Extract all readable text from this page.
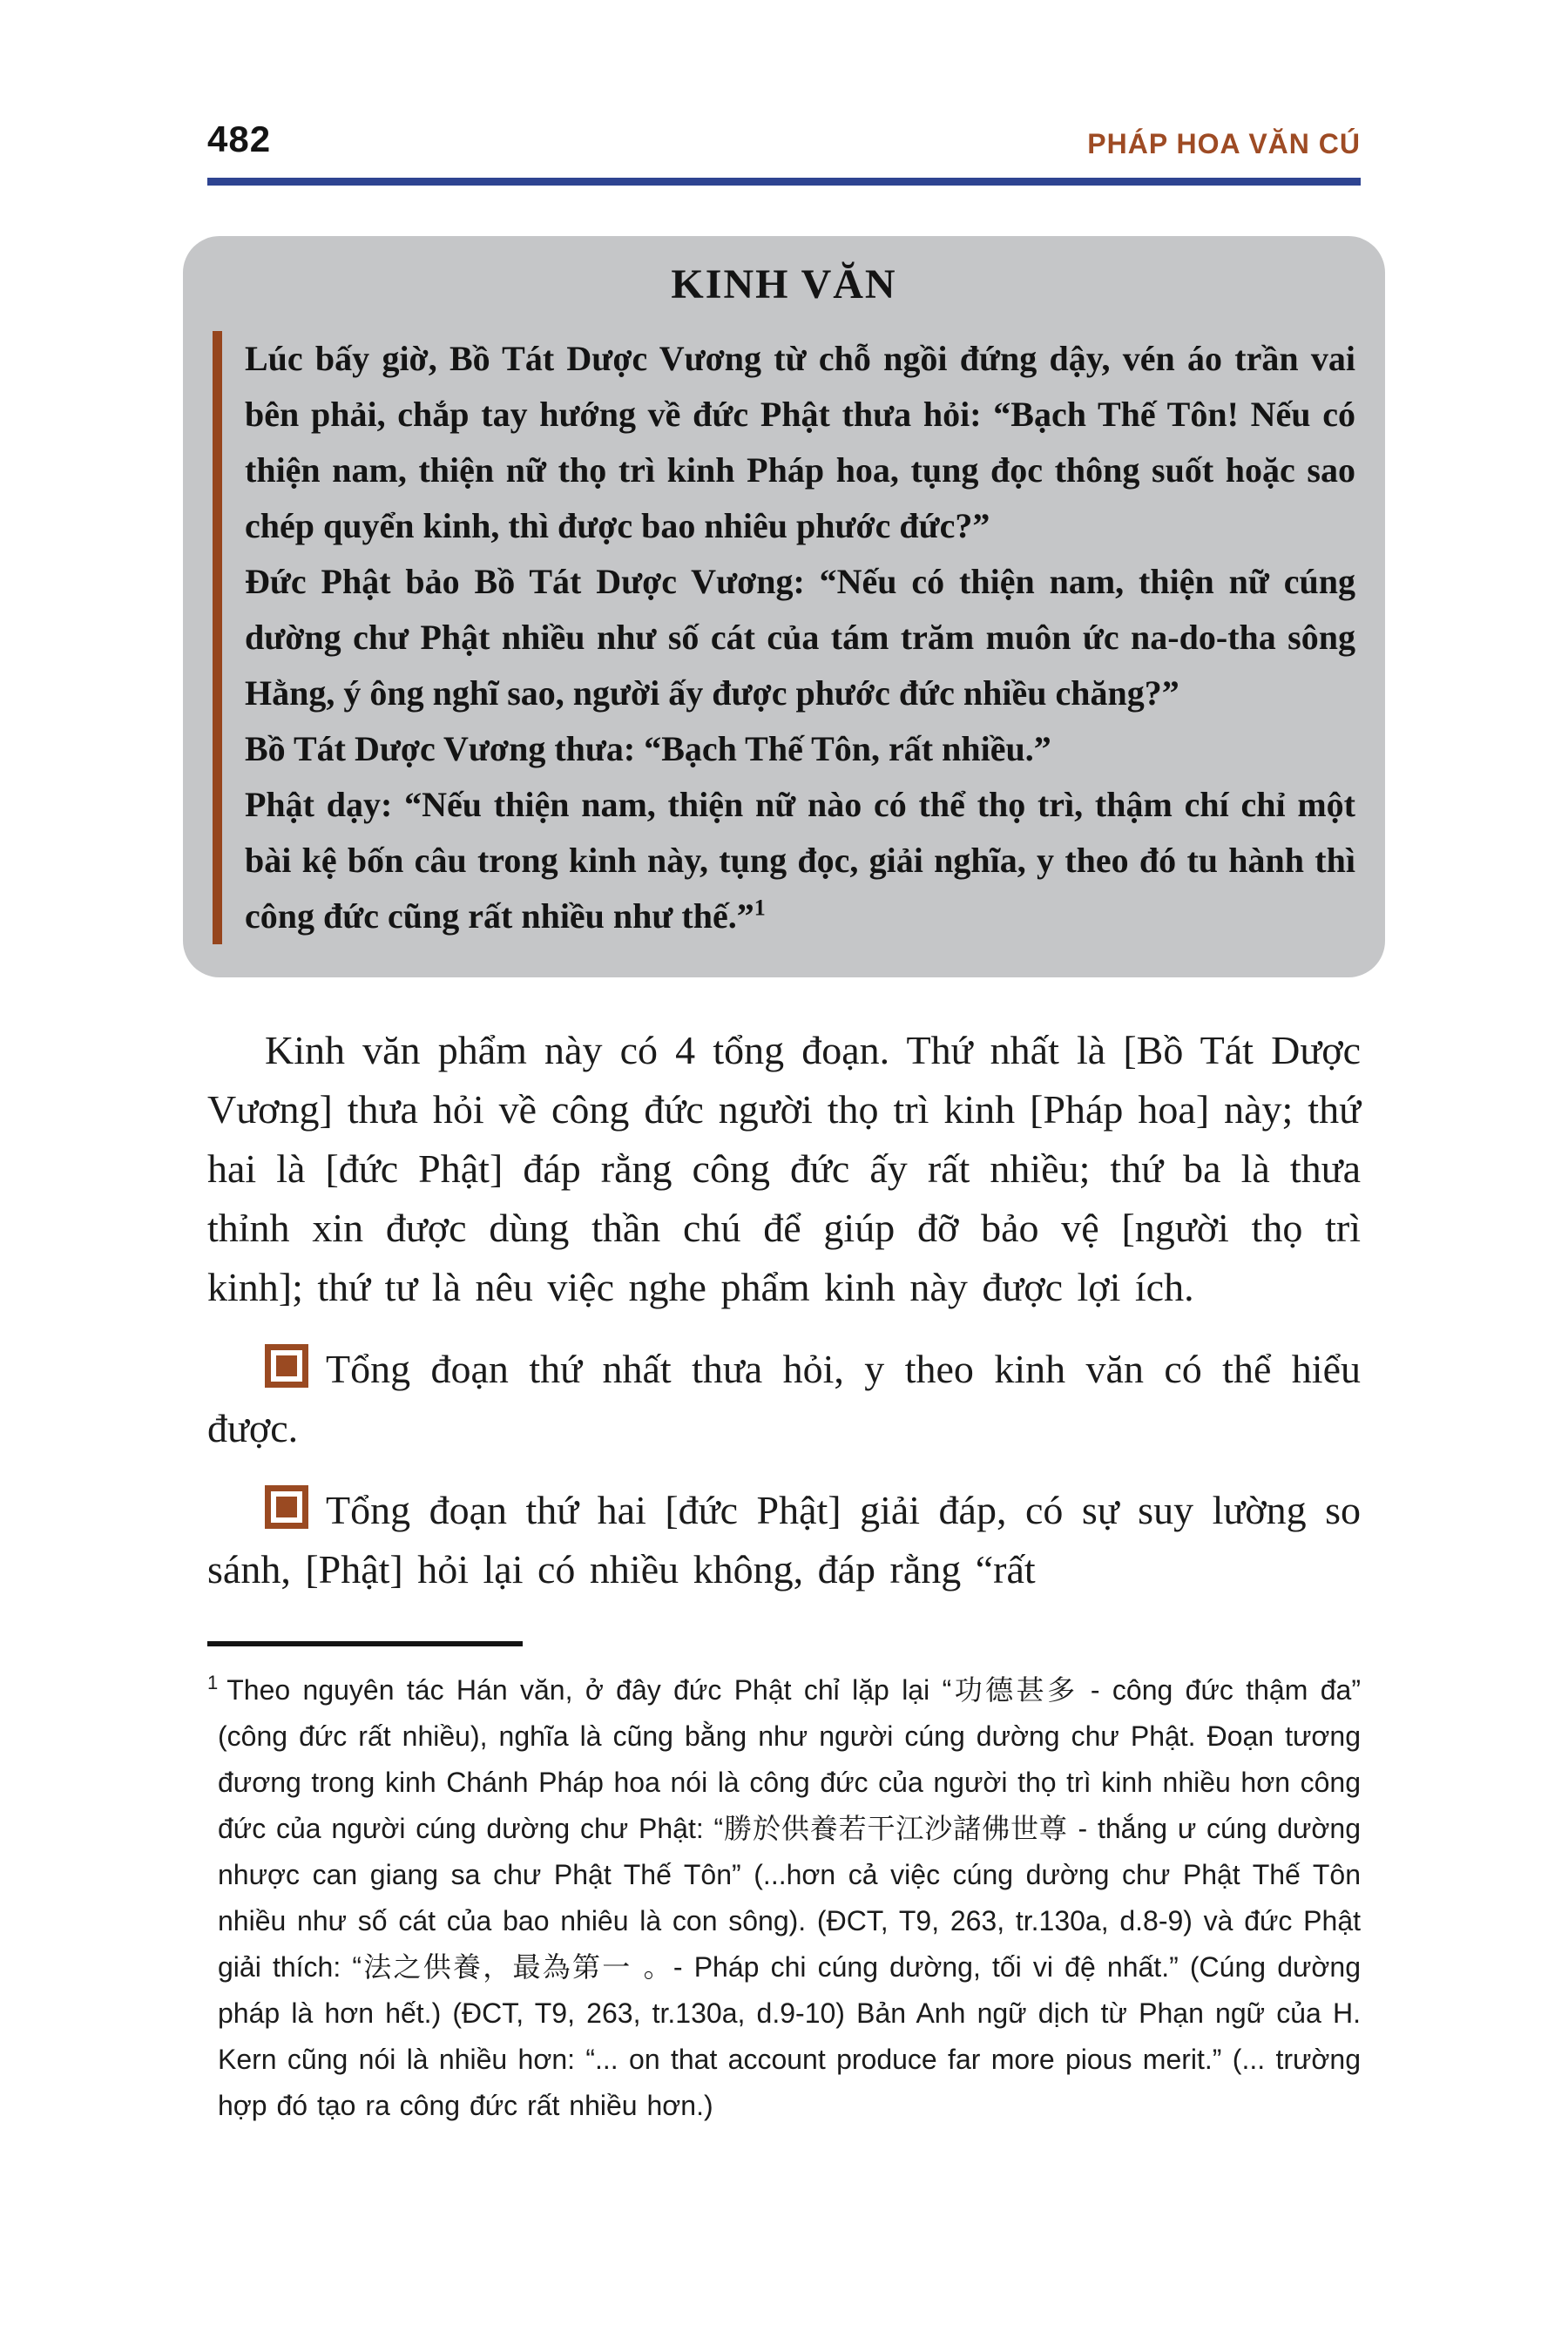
482	PHÁP HOA VĂN CÚ
KINH VĂN

Lúc bấy giờ, Bồ Tát Dược Vương từ chỗ ngồi đứng dậy, vén áo trần vai bên phải, chắp tay hướng về đức Phật thưa hỏi: “Bạch Thế Tôn! Nếu có thiện nam, thiện nữ thọ trì kinh Pháp hoa, tụng đọc thông suốt hoặc sao chép quyển kinh, thì được bao nhiêu phước đức?”

Đức Phật bảo Bồ Tát Dược Vương: “Nếu có thiện nam, thiện nữ cúng dường chư Phật nhiều như số cát của tám trăm muôn ức na-do-tha sông Hằng, ý ông nghĩ sao, người ấy được phước đức nhiều chăng?”

Bồ Tát Dược Vương thưa: “Bạch Thế Tôn, rất nhiều.”

Phật dạy: “Nếu thiện nam, thiện nữ nào có thể thọ trì, thậm chí chỉ một bài kệ bốn câu trong kinh này, tụng đọc, giải nghĩa, y theo đó tu hành thì công đức cũng rất nhiều như thế.”$^1$

Kinh văn phẩm này có 4 tổng đoạn. Thứ nhất là [Bồ Tát Dược Vương] thưa hỏi về công đức người thọ trì kinh [Pháp hoa] này; thứ hai là [đức Phật] đáp rằng công đức ấy rất nhiều; thứ ba là thưa thỉnh xin được dùng thần chú để giúp đỡ bảo vệ [người thọ trì kinh]; thứ tư là nêu việc nghe phẩm kinh này được lợi ích.

Tổng đoạn thứ nhất thưa hỏi, y theo kinh văn có thể hiểu được.

Tổng đoạn thứ hai [đức Phật] giải đáp, có sự suy lường so sánh, [Phật] hỏi lại có nhiều không, đáp rằng “rất

$^1$ Theo nguyên tác Hán văn, ở đây đức Phật chỉ lặp lại “功德甚多 - công đức thậm đa” (công đức rất nhiều), nghĩa là cũng bằng như người cúng dường chư Phật. Đoạn tương đương trong kinh Chánh Pháp hoa nói là công đức của người thọ trì kinh nhiều hơn công đức của người cúng dường chư Phật: “勝於供養若干江沙諸佛世尊 - thắng ư cúng dường nhược can giang sa chư Phật Thế Tôn” (...hơn cả việc cúng dường chư Phật Thế Tôn nhiều như số cát của bao nhiêu là con sông). (ĐCT, T9, 263, tr.130a, d.8-9) và đức Phật giải thích: “法之供養，最為第一 。- Pháp chi cúng dường, tối vi đệ nhất.” (Cúng dường pháp là hơn hết.) (ĐCT, T9, 263, tr.130a, d.9-10) Bản Anh ngữ dịch từ Phạn ngữ của H. Kern cũng nói là nhiều hơn: “... on that account produce far more pious merit.” (... trường hợp đó tạo ra công đức rất nhiều hơn.)
